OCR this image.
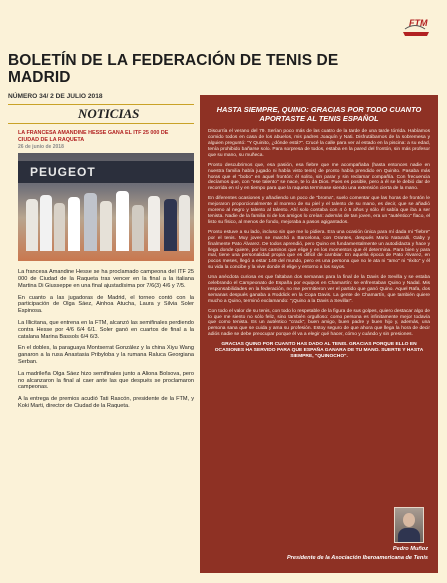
FTM
BOLETÍN DE LA FEDERACIÓN DE TENIS DE MADRID
NÚMERO 34/ 2 DE JULIO 2018
NOTICIAS
LA FRANCESA AMANDINE HESSE GANA EL ITF 25 000 DE CIUDAD DE LA RAQUETA
26 de junio de 2018
PEUGEOT

La francesa Amandine Hesse se ha proclamado campeona del ITF 25 000 de Ciudad de la Raqueta tras vencer en la final a la italiana Martina Di Giusseppe en una final ajustadísima por 7/6(3) 4/6 y 7/5.

En cuanto a las jugadoras de Madrid, el torneo contó con la participación de Olga Sáez, Ainhoa Atucha, Laura y Silvia Soler Espinosa.

La Illicitana, que entrena en la FTM, alcanzó las semifinales perdiendo contra Hesse por 4/6 6/4 6/1. Soler ganó en cuartos de final a la catalana Marina Bassols 6/4 6/3.

En el dobles, la paraguaya Montserrat González y la china Xiyu Wang ganaron a la rusa Anastasia Pribyloba y la rumana Raluca Georgiana Serban.

La madrileña Olga Sáez hizo semifinales junto a Aliona Bolsova, pero no alcanzaron la final al caer ante las que después se proclamaron campeonas.

A la entrega de premios acudió Tati Rascón, presidente de la FTM, y Koki Marti, director de Ciudad de la Raqueta.

HASTA SIEMPRE, QUINO: GRACIAS POR TODO CUANTO APORTASTE AL TENIS ESPAÑOL

Discurría el verano del 79. Serían poco más de las cuatro de la tarde de una tarde tórrida. Habíamos comido todos en casa de los abuelos, mis padres Joaquín y Nati. Disfrutábamos de la sobremesa y alguien preguntó: "Y Quinito, ¿dónde está?". Crucé la calle para ver al estado en la piscina: a su edad, tenía prohibido bañarse solo. Para sorpresa de todos, estaba en la pared del frontón, sin más profesor que su mano, su muñeca.

Pronto descubrimos que, esa pasión, esa fiebre que me acompañaba (hasta entonces nadie en nuestra familia había jugado ni había visto tenis) de pronto había prendido en Quinito. Pasaba más horas que el "bobo" en aquel frontón: él solito, sin parar y sin reclamar compañía. Con frecuencia decíamos que, con "ese talento" se nace, te lo da Dios. Pues es posible, pero a él se le debió dar de recorrida en sí y en tiempo para que la raqueta terminase siendo una extensión cierta de la mano.

En diferentes ocasiones y añadiendo un poco de "broma", suelo comentar que las horas de frontón le mejoraron proporcionalmente al moreno de su piel y el talento de su mano, es decir, que se añadió moreno al negro y talento al talento. Ahí solo contaba con 4 ó 5 años y sólo él sabía que iba a ser tenista. Nadie de la familia ni de los amigos lo creían: además de tan joven, era un "auténtico" flaco, el listo su físico, al menos de fondo, mejoraba a pasos agigantados.

Pronto estuve a su lado, incluso sin que me lo pidiera. Era una ocasión única para mí dada mi "fiebre" por el tenis. Muy joven se marchó a Barcelona, con Orantes, después Mario Naturalli, Gaby y finalmente Pato Álvarez. De todos aprendió, pero Quino es fundamentalmente un autodidacta y hace y llega donde quiere, por los caminos que elige y en los momentos que él determina. Para bien y para mal, tiene una personalidad propia que es difícil de cambiar. En aquella época de Pato Álvarez, en pocos meses, llegó a estar 149 del mundo, pero es una persona que no le ata ni "amo" ni "éxito" y él su vida la concibe y la vive donde él elige y entorno a los suyos.

Una anécdota curiosa es que faltaban dos semanas para la final de la Davis de Sevilla y se estaba celebrando el Campeonato de España por equipos en Chamartín: se enfrentaban Quino y Nadal. Mis responsabilidades en la federación, no me permitieron ver el partido que ganó Quino. Aquel Rafa, dos semanas después ganaba a Roddick en la Copa Davis. La gente de Chamartín, que también quiere mucho a Quino, terminó exclamando: "¡Quino a la Davis a Sevilla!".

Con todo el valor de su tenis, con todo lo respetable de la figura de sus golpes, quiero destacar algo de lo que me siento no sólo feliz, sino también orgulloso: como persona es infinitamente mejor todavía que como tenista. Es un auténtico "crack", buen amigo, buen padre y buen hijo y, además, una persona sana que se cuida y ama su profesión. Estoy seguro de que ahora que llega la hora de decir adiós nadie se debe preocupar porque él va a elegir qué hacer, cómo y cuándo y sin presiones.

GRACIAS QUINO POR CUANTO HAS DADO AL TENIS. GRACIAS PORQUE ELLO EN OCASIONES HA SERVIDO PARA QUE ESPAÑA GANARA DE TU MANO. SUERTE Y HASTA SIEMPRE, "QUINOCHO".
Pedro Muñoz
Presidente de la Asociación Iberoamericana de Tenis
